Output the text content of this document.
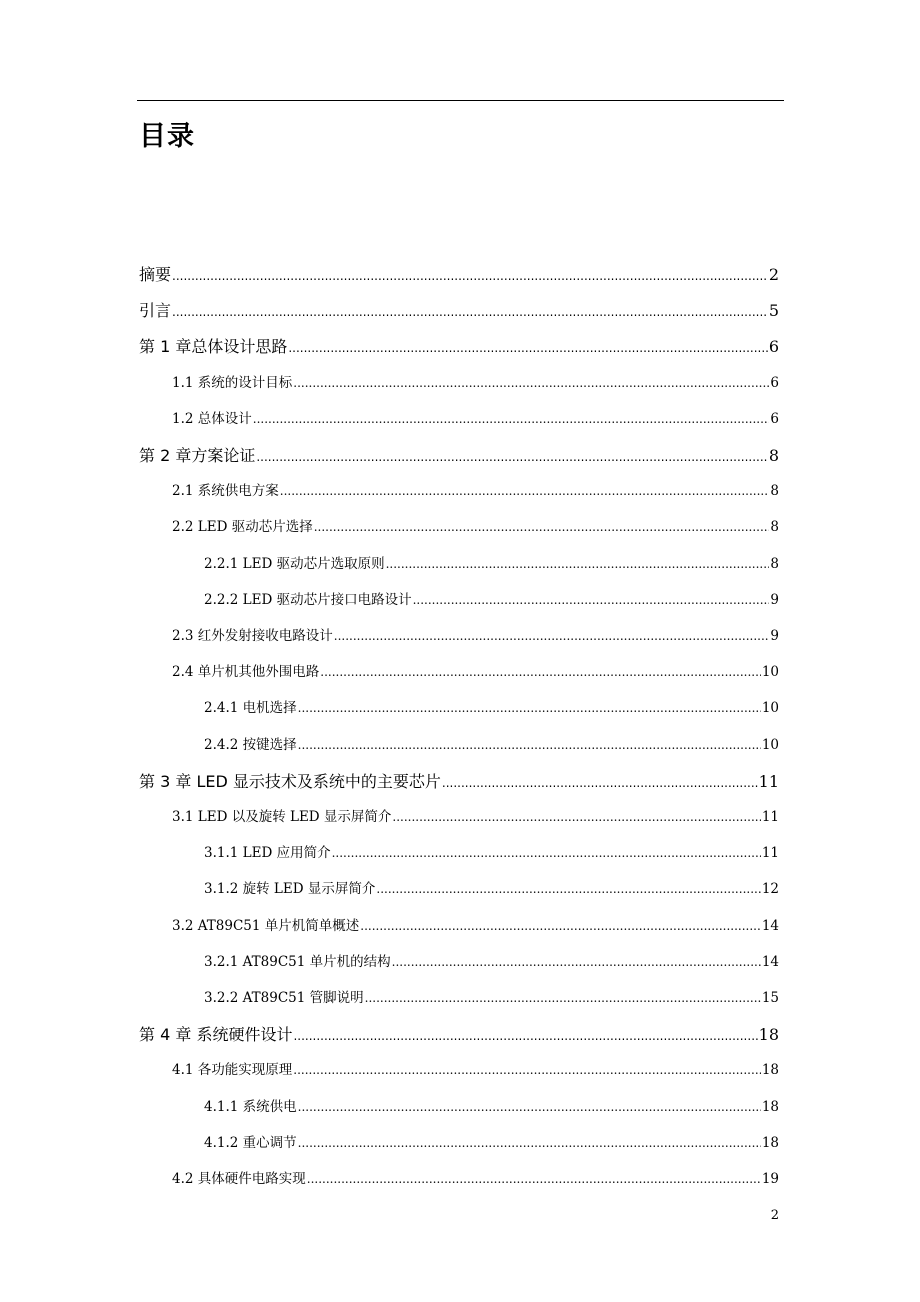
目录
摘要 .....	2
引言 .....	5
第 1 章总体设计思路 .....	6
1.1 系统的设计目标 .....	6
1.2 总体设计 .....	6
第 2 章方案论证 .....	8
2.1 系统供电方案 .....	8
2.2 LED 驱动芯片选择 .....	8
2.2.1 LED 驱动芯片选取原则 .....	8
2.2.2 LED 驱动芯片接口电路设计 .....	9
2.3 红外发射接收电路设计 .....	9
2.4 单片机其他外围电路 .....	10
2.4.1 电机选择 .....	10
2.4.2 按键选择 .....	10
第 3 章 LED 显示技术及系统中的主要芯片 .....	11
3.1 LED 以及旋转 LED 显示屏简介 .....	11
3.1.1 LED 应用简介 .....	11
3.1.2 旋转 LED 显示屏简介 .....	12
3.2 AT89C51 单片机简单概述 .....	14
3.2.1 AT89C51 单片机的结构 .....	14
3.2.2 AT89C51 管脚说明 .....	15
第 4 章 系统硬件设计 .....	18
4.1 各功能实现原理 .....	18
4.1.1 系统供电 .....	18
4.1.2 重心调节 .....	18
4.2 具体硬件电路实现 .....	19
2
